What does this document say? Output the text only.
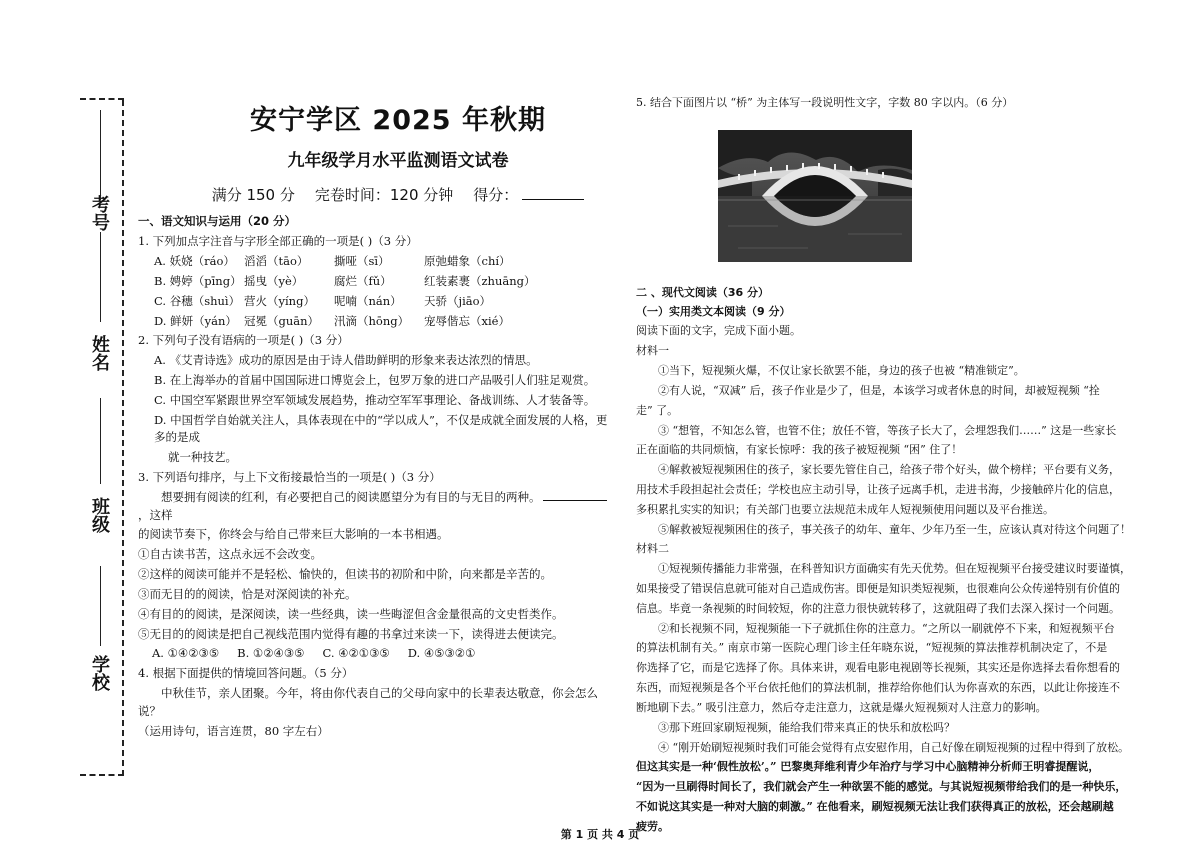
考号
姓名
班级
学校
安宁学区 2025 年秋期
九年级学月水平监测语文试卷
满分 150 分 完卷时间：120 分钟 得分：
一、语文知识与运用（20 分）
1. 下列加点字注音与字形全部正确的一项是( )（3 分）
A. 妖娆（ráo） 滔滔（tāo）	撕哑（sī）	原弛蜡象（chí）
B. 娉婷（pīng） 摇曳（yè）	腐烂（fǔ）	红装素裹（zhuāng）
C. 谷穗（shuì） 营火（yíng）	呢喃（nán）	天骄（jiāo）
D. 鲜妍（yán） 冠冕（guān）	汛滴（hōng）	宠辱偕忘（xié）
2. 下列句子没有语病的一项是( )（3 分）
A. 《艾青诗选》成功的原因是由于诗人借助鲜明的形象来表达浓烈的情思。
B. 在上海举办的首届中国国际进口博览会上，包罗万象的进口产品吸引人们驻足观赏。
C. 中国空军紧跟世界空军领域发展趋势，推动空军军事理论、备战训练、人才装备等。
D. 中国哲学自始就关注人，具体表现在中的“学以成人”，不仅是成就全面发展的人格，更多的是成
就一种技艺。
3. 下列语句排序，与上下文衔接最恰当的一项是( )（3 分）
想要拥有阅读的红利，有必要把自己的阅读愿望分为有目的与无目的两种。，这样
的阅读节奏下，你终会与给自己带来巨大影响的一本书相遇。
①自古读书苦，这点永远不会改变。
②这样的阅读可能并不是轻松、愉快的，但读书的初阶和中阶，向来都是辛苦的。
③而无目的的阅读，恰是对深阅读的补充。
④有目的的阅读，是深阅读，读一些经典，读一些晦涩但含金量很高的文史哲类作。
⑤无目的的阅读是把自己视线范围内觉得有趣的书拿过来读一下，读得进去便读完。
A. ①④②③⑤ B. ①②④③⑤ C. ④②①③⑤ D. ④⑤③②①
4. 根据下面提供的情境回答问题。（5 分）
中秋佳节，亲人团聚。今年，将由你代表自己的父母向家中的长辈表达敬意，你会怎么说？
（运用诗句，语言连贯，80 字左右）
5. 结合下面图片以 “桥” 为主体写一段说明性文字，字数 80 字以内。（6 分）
二 、现代文阅读（36 分）
（一）实用类文本阅读（9 分）
阅读下面的文字，完成下面小题。
材料一
①当下，短视频火爆，不仅让家长欲罢不能，身边的孩子也被 “精准锁定”。
②有人说，“双减” 后，孩子作业是少了，但是，本该学习或者休息的时间，却被短视频 “拴
走” 了。
③ “想管，不知怎么管，也管不住；放任不管，等孩子长大了，会埋怨我们……” 这是一些家长
正在面临的共同烦恼，有家长惊呼：我的孩子被短视频 “困” 住了！
④解救被短视频困住的孩子，家长要先管住自己，给孩子带个好头，做个榜样；平台要有义务，
用技术手段担起社会责任；学校也应主动引导，让孩子远离手机，走进书海，少接触碎片化的信息，
多积累扎实实的知识；有关部门也要立法规范未成年人短视频使用问题以及平台推送。
⑤解救被短视频困住的孩子，事关孩子的幼年、童年、少年乃至一生，应该认真对待这个问题了！
材料二
①短视频传播能力非常强，在科普知识方面确实有先天优势。但在短视频平台接受建议时要谨慎，
如果接受了错误信息就可能对自己造成伤害。即便是知识类短视频，也很难向公众传递特别有价值的
信息。毕竟一条视频的时间较短，你的注意力很快就转移了，这就阻碍了我们去深入探讨一个问题。
②和长视频不同，短视频能一下子就抓住你的注意力。“之所以一刷就停不下来，和短视频平台
的算法机制有关。” 南京市第一医院心理门诊主任年晓东说，“短视频的算法推荐机制决定了，不是
你选择了它，而是它选择了你。具体来讲，观看电影电视剧等长视频，其实还是你选择去看你想看的
东西，而短视频是各个平台依托他们的算法机制，推荐给你他们认为你喜欢的东西，以此让你接连不
断地刷下去。” 吸引注意力，然后夺走注意力，这就是爆火短视频对人注意力的影响。
③那下班回家刷短视频，能给我们带来真正的快乐和放松吗？
④ “刚开始刷短视频时我们可能会觉得有点安慰作用，自己好像在刷短视频的过程中得到了放松。
但这其实是一种‘假性放松’。” 巴黎奥拜维利青少年治疗与学习中心脑精神分析师王明睿提醒说，
“因为一旦刷得时间长了，我们就会产生一种欲罢不能的感觉。与其说短视频带给我们的是一种快乐，
不如说这其实是一种对大脑的刺激。” 在他看来，刷短视频无法让我们获得真正的放松，还会越刷越
疲劳。
第 1 页 共 4 页
